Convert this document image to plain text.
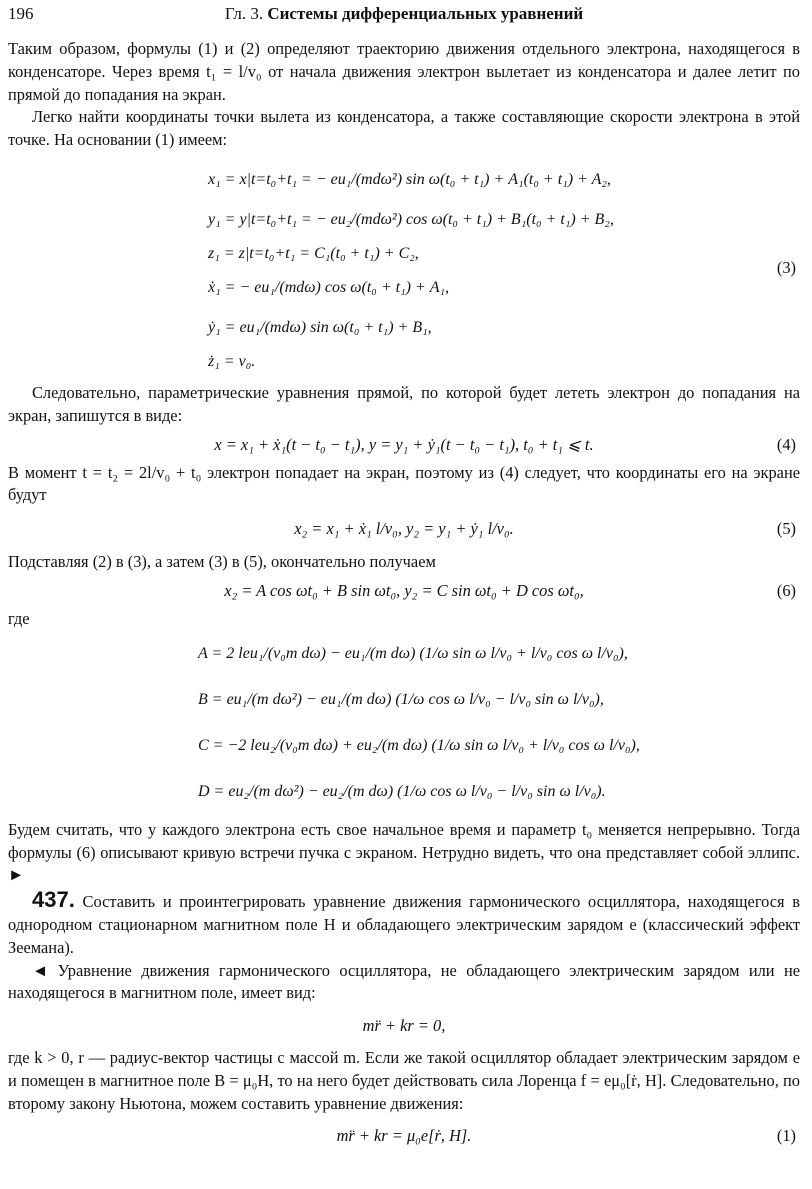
196	Гл. 3. Системы дифференциальных уравнений

Таким образом, формулы (1) и (2) определяют траекторию движения отдельного электрона, находящегося в конденсаторе. Через время t₁ = l/v₀ от начала движения электрон вылетает из конденсатора и далее летит по прямой до попадания на экран.

Легко найти координаты точки вылета из конденсатора, а также составляющие скорости электрона в этой точке. На основании (1) имеем:

x₁ = x|t=t₀+t₁ = − eu₁/(mdω²) sin ω(t₀ + t₁) + A₁(t₀ + t₁) + A₂,
y₁ = y|t=t₀+t₁ = − eu₂/(mdω²) cos ω(t₀ + t₁) + B₁(t₀ + t₁) + B₂,
z₁ = z|t=t₀+t₁ = C₁(t₀ + t₁) + C₂,
ẋ₁ = − eu₁/(mdω) cos ω(t₀ + t₁) + A₁,
ẏ₁ = eu₁/(mdω) sin ω(t₀ + t₁) + B₁,
ż₁ = v₀.
(3)

Следовательно, параметрические уравнения прямой, по которой будет лететь электрон до попадания на экран, запишутся в виде:

x = x₁ + ẋ₁(t − t₀ − t₁), y = y₁ + ẏ₁(t − t₀ − t₁), t₀ + t₁ ⩽ t.	(4)

В момент t = t₂ = 2l/v₀ + t₀ электрон попадает на экран, поэтому из (4) следует, что координаты его на экране будут

x₂ = x₁ + ẋ₁ l/v₀, y₂ = y₁ + ẏ₁ l/v₀.	(5)

Подставляя (2) в (3), а затем (3) в (5), окончательно получаем

x₂ = A cos ωt₀ + B sin ωt₀, y₂ = C sin ωt₀ + D cos ωt₀,	(6)

где

A = 2 leu₁/(v₀m dω) − eu₁/(m dω) (1/ω sin ω l/v₀ + l/v₀ cos ω l/v₀),
B = eu₁/(m dω²) − eu₁/(m dω) (1/ω cos ω l/v₀ − l/v₀ sin ω l/v₀),
C = −2 leu₂/(v₀m dω) + eu₂/(m dω) (1/ω sin ω l/v₀ + l/v₀ cos ω l/v₀),
D = eu₂/(m dω²) − eu₂/(m dω) (1/ω cos ω l/v₀ − l/v₀ sin ω l/v₀).

Будем считать, что у каждого электрона есть свое начальное время и параметр t₀ меняется непрерывно. Тогда формулы (6) описывают кривую встречи пучка с экраном. Нетрудно видеть, что она представляет собой эллипс. ►

437. Составить и проинтегрировать уравнение движения гармонического осциллятора, находящегося в однородном стационарном магнитном поле H и обладающего электрическим зарядом e (классический эффект Зеемана).

◄ Уравнение движения гармонического осциллятора, не обладающего электрическим зарядом или не находящегося в магнитном поле, имеет вид:

mr̈ + kr = 0,

где k > 0, r — радиус-вектор частицы с массой m. Если же такой осциллятор обладает электрическим зарядом e и помещен в магнитное поле B = μ₀H, то на него будет действовать сила Лоренца f = eμ₀[ṙ, H]. Следовательно, по второму закону Ньютона, можем составить уравнение движения:

mr̈ + kr = μ₀e[ṙ, H].	(1)
